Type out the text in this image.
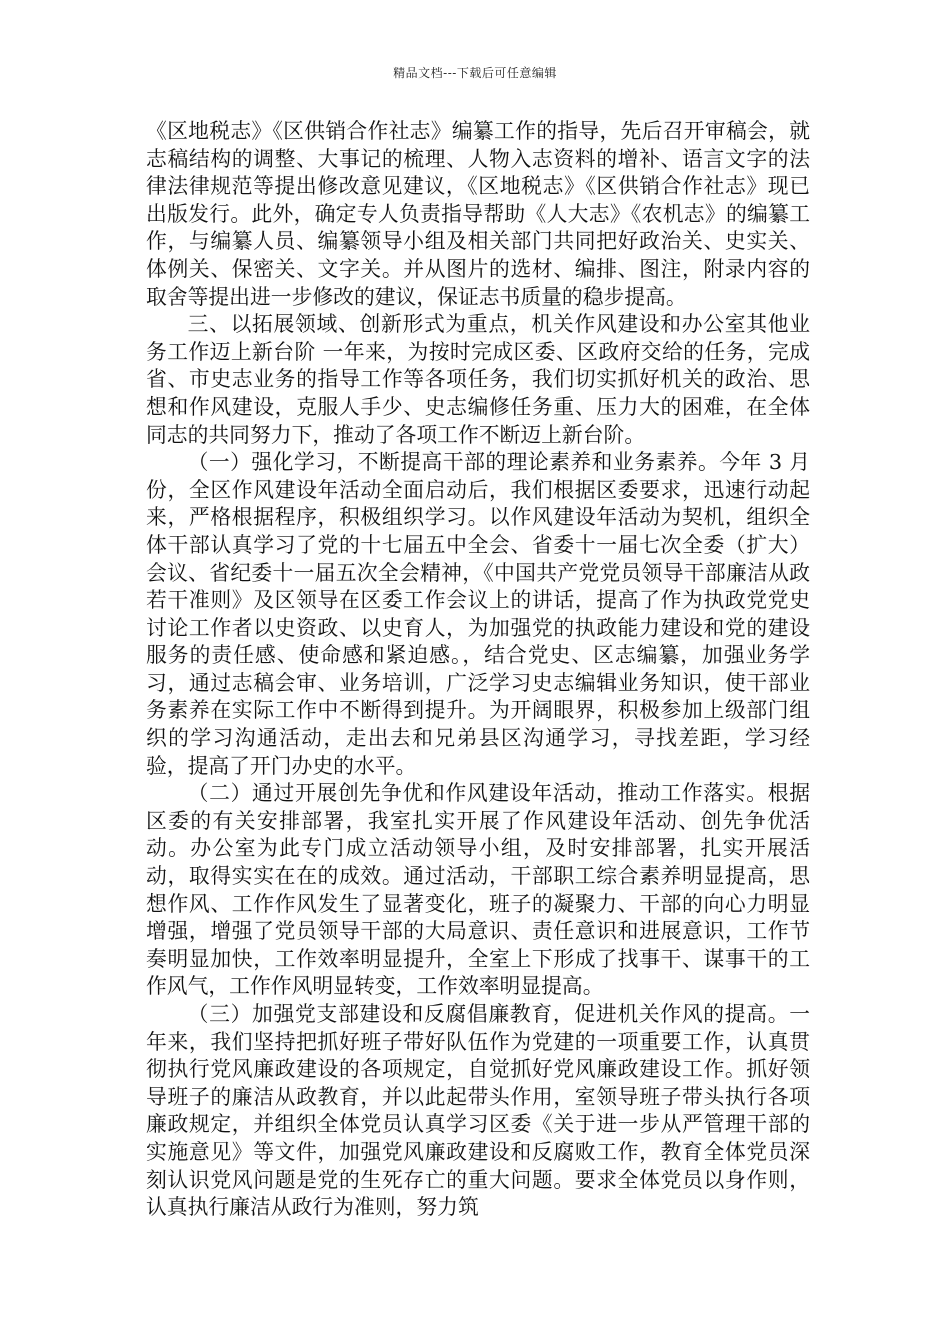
精品文档---下载后可任意编辑

《区地税志》《区供销合作社志》编纂工作的指导，先后召开审稿会，就志稿结构的调整、大事记的梳理、人物入志资料的增补、语言文字的法律法律规范等提出修改意见建议，《区地税志》《区供销合作社志》现已出版发行。此外，确定专人负责指导帮助《人大志》《农机志》的编纂工作，与编纂人员、编纂领导小组及相关部门共同把好政治关、史实关、体例关、保密关、文字关。并从图片的选材、编排、图注，附录内容的取舍等提出进一步修改的建议，保证志书质量的稳步提高。

三、以拓展领域、创新形式为重点，机关作风建设和办公室其他业务工作迈上新台阶 一年来，为按时完成区委、区政府交给的任务，完成省、市史志业务的指导工作等各项任务，我们切实抓好机关的政治、思想和作风建设，克服人手少、史志编修任务重、压力大的困难，在全体同志的共同努力下，推动了各项工作不断迈上新台阶。

（一）强化学习，不断提高干部的理论素养和业务素养。今年 3 月份，全区作风建设年活动全面启动后，我们根据区委要求，迅速行动起来，严格根据程序，积极组织学习。以作风建设年活动为契机，组织全体干部认真学习了党的十七届五中全会、省委十一届七次全委（扩大）会议、省纪委十一届五次全会精神，《中国共产党党员领导干部廉洁从政若干准则》及区领导在区委工作会议上的讲话，提高了作为执政党党史讨论工作者以史资政、以史育人，为加强党的执政能力建设和党的建设服务的责任感、使命感和紧迫感。，结合党史、区志编纂，加强业务学习，通过志稿会审、业务培训，广泛学习史志编辑业务知识，使干部业务素养在实际工作中不断得到提升。为开阔眼界，积极参加上级部门组织的学习沟通活动，走出去和兄弟县区沟通学习，寻找差距，学习经验，提高了开门办史的水平。

（二）通过开展创先争优和作风建设年活动，推动工作落实。根据区委的有关安排部署，我室扎实开展了作风建设年活动、创先争优活动。办公室为此专门成立活动领导小组，及时安排部署，扎实开展活动，取得实实在在的成效。通过活动，干部职工综合素养明显提高，思想作风、工作作风发生了显著变化，班子的凝聚力、干部的向心力明显增强，增强了党员领导干部的大局意识、责任意识和进展意识，工作节奏明显加快，工作效率明显提升，全室上下形成了找事干、谋事干的工作风气，工作作风明显转变，工作效率明显提高。

（三）加强党支部建设和反腐倡廉教育，促进机关作风的提高。一年来，我们坚持把抓好班子带好队伍作为党建的一项重要工作，认真贯彻执行党风廉政建设的各项规定，自觉抓好党风廉政建设工作。抓好领导班子的廉洁从政教育，并以此起带头作用，室领导班子带头执行各项廉政规定，并组织全体党员认真学习区委《关于进一步从严管理干部的实施意见》等文件，加强党风廉政建设和反腐败工作，教育全体党员深刻认识党风问题是党的生死存亡的重大问题。要求全体党员以身作则，认真执行廉洁从政行为准则，努力筑
